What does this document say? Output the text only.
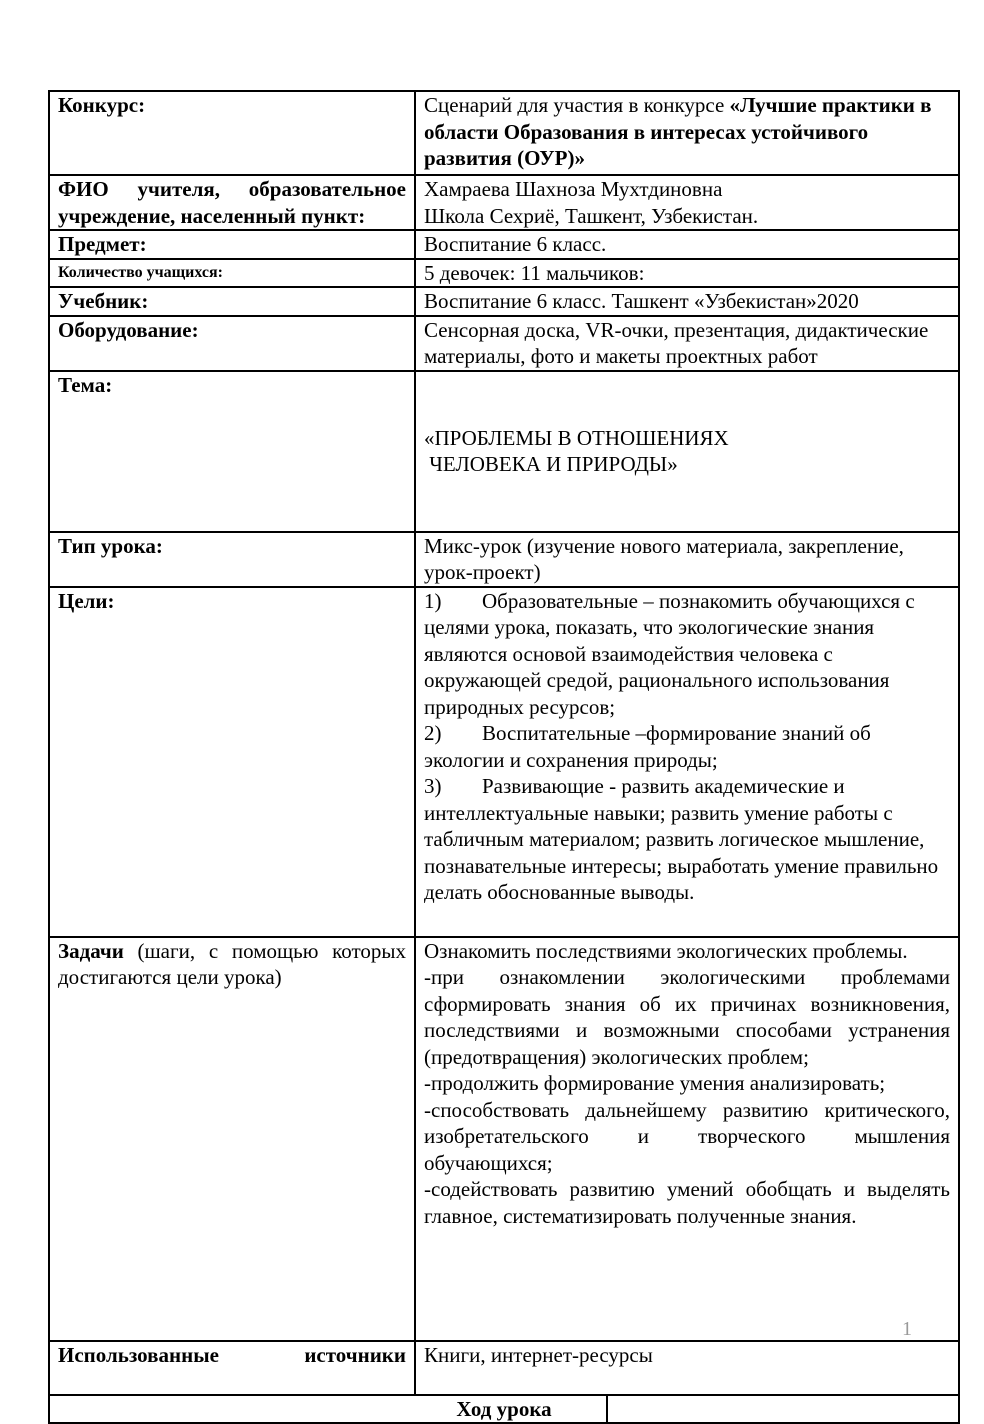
Конкурс:	Сценарий для участия в конкурсе «Лучшие практики в области Образования в интересах устойчивого развития (ОУР)»
ФИО учителя, образовательное учреждение, населенный пункт:	Хамраева Шахноза Мухтдиновна
Школа Сехриё, Ташкент, Узбекистан.

Предмет:	Воспитание 6 класс.
Количество учащихся:	5 девочек: 11 мальчиков:
Учебник:	Воспитание 6 класс. Ташкент «Узбекистан»2020
Оборудование:	Сенсорная доска, VR-очки, презентация, дидактические материалы, фото и макеты проектных работ
Тема:	«ПРОБЛЕМЫ В ОТНОШЕНИЯХ
ЧЕЛОВЕКА И ПРИРОДЫ»

Тип урока:	Микс-урок (изучение нового материала, закрепление, урок-проект)
Цели:	1) Образовательные – познакомить обучающихся с целями урока, показать, что экологические знания являются основой взаимодействия человека с окружающей средой, рационального использования природных ресурсов;

2) Воспитательные –формирование знаний об экологии и сохранения природы;

3) Развивающие - развить академические и интеллектуальные навыки; развить умение работы с табличным материалом; развить логическое мышление, познавательные интересы; выработать умение правильно делать обоснованные выводы.

Задачи (шаги, с помощью которых достигаются цели урока)	Ознакомить последствиями экологических проблемы.

-при ознакомлении экологическими проблемами сформировать знания об их причинах возникновения, последствиями и возможными способами устранения (предотвращения) экологических проблем;

-продолжить формирование умения анализировать;

-способствовать дальнейшему развитию критического, изобретательского и творческого мышления обучающихся;

-содействовать развитию умений обобщать и выделять главное, систематизировать полученные знания.

Использованные источники	Книги, интернет-ресурсы
Ход урока	
1
